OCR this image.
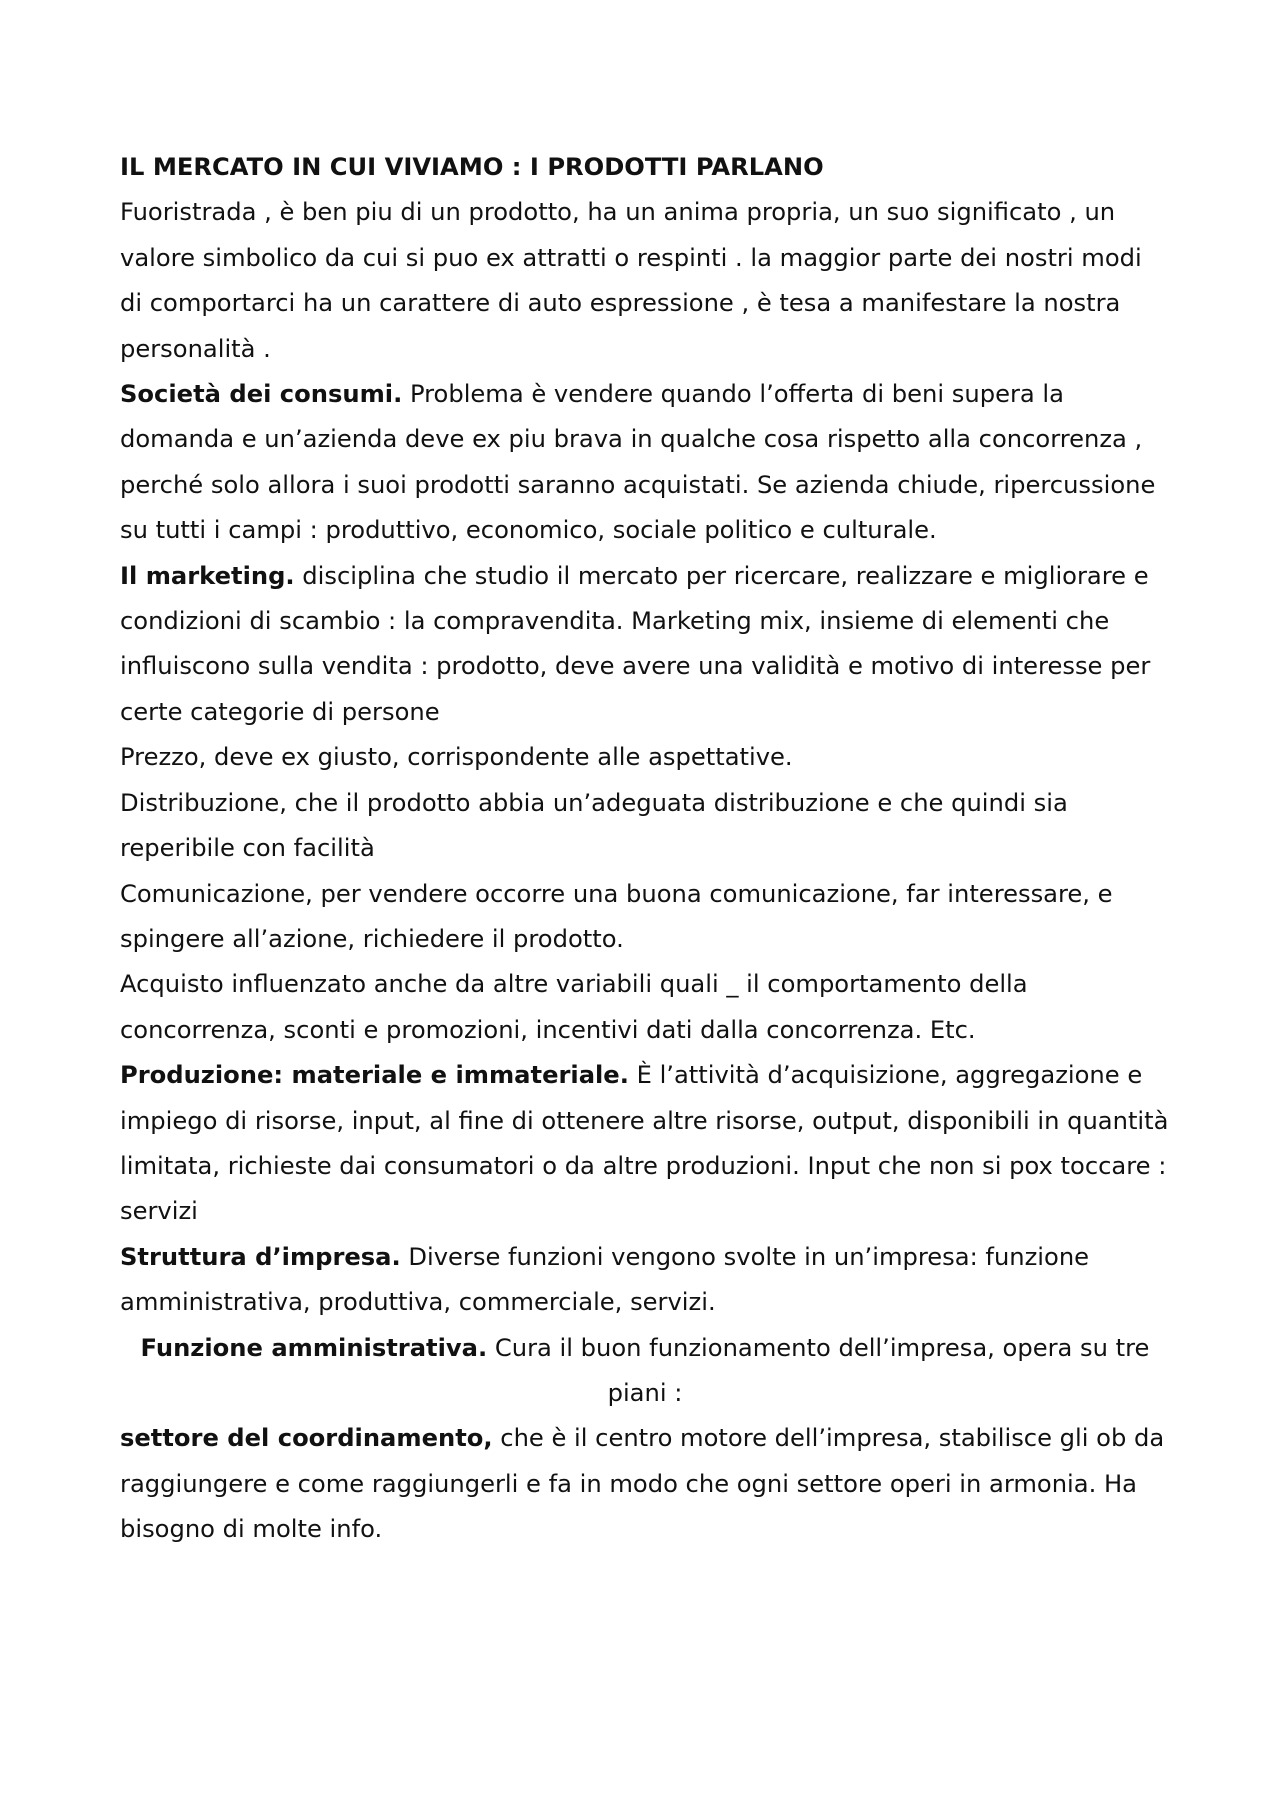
IL MERCATO IN CUI VIVIAMO : I PRODOTTI PARLANO

Fuoristrada , è ben piu di un prodotto, ha un anima propria, un suo significato , un valore simbolico da cui si puo ex attratti o respinti . la maggior parte dei nostri modi di comportarci ha un carattere di auto espressione , è tesa a manifestare la nostra personalità .

Società dei consumi. Problema è vendere quando l’offerta di beni supera la domanda e un’azienda deve ex piu brava in qualche cosa rispetto alla concorrenza , perché solo allora i suoi prodotti saranno acquistati. Se azienda chiude, ripercussione su tutti i campi : produttivo, economico, sociale politico e culturale.

Il marketing. disciplina che studio il mercato per ricercare, realizzare e migliorare e condizioni di scambio : la compravendita. Marketing mix, insieme di elementi che influiscono sulla vendita : prodotto, deve avere una validità e motivo di interesse per certe categorie di persone

Prezzo, deve ex giusto, corrispondente alle aspettative.

Distribuzione, che il prodotto abbia un’adeguata distribuzione e che quindi sia reperibile con facilità

Comunicazione, per vendere occorre una buona comunicazione, far interessare, e spingere all’azione, richiedere il prodotto.

Acquisto influenzato anche da altre variabili quali _ il comportamento della concorrenza, sconti e promozioni, incentivi dati dalla concorrenza. Etc.

Produzione: materiale e immateriale. È l’attività d’acquisizione, aggregazione e impiego di risorse, input, al fine di ottenere altre risorse, output, disponibili in quantità limitata, richieste dai consumatori o da altre produzioni. Input che non si pox toccare : servizi

Struttura d’impresa. Diverse funzioni vengono svolte in un’impresa: funzione amministrativa, produttiva, commerciale, servizi.

Funzione amministrativa. Cura il buon funzionamento dell’impresa, opera su tre piani :

settore del coordinamento, che è il centro motore dell’impresa, stabilisce gli ob da raggiungere e come raggiungerli e fa in modo che ogni settore operi in armonia. Ha bisogno di molte info.
